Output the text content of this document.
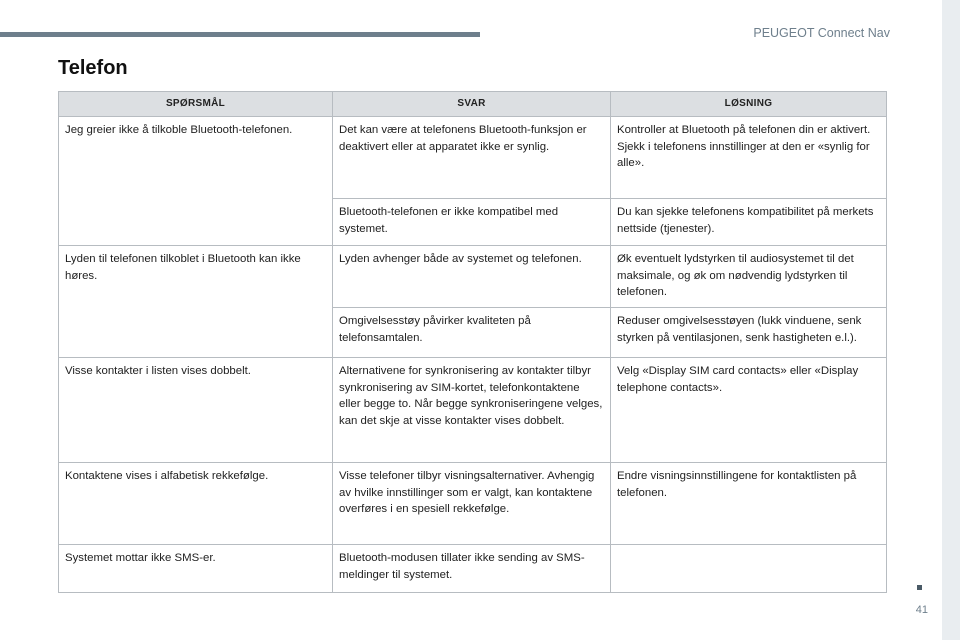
PEUGEOT Connect Nav
41
Telefon
SPØRSMÅL	SVAR	LØSNING
Jeg greier ikke å tilkoble Bluetooth-telefonen.	Det kan være at telefonens Bluetooth-funksjon er deaktivert eller at apparatet ikke er synlig.	Kontroller at Bluetooth på telefonen din er aktivert.
Sjekk i telefonens innstillinger at den er «synlig for alle».
	Bluetooth-telefonen er ikke kompatibel med systemet.	Du kan sjekke telefonens kompatibilitet på merkets nettside (tjenester).
Lyden til telefonen tilkoblet i Bluetooth kan ikke høres.	Lyden avhenger både av systemet og telefonen.	Øk eventuelt lydstyrken til audiosystemet til det maksimale, og øk om nødvendig lydstyrken til telefonen.
	Omgivelsesstøy påvirker kvaliteten på telefonsamtalen.	Reduser omgivelsesstøyen (lukk vinduene, senk styrken på ventilasjonen, senk hastigheten e.l.).
Visse kontakter i listen vises dobbelt.	Alternativene for synkronisering av kontakter tilbyr synkronisering av SIM-kortet, telefonkontaktene eller begge to. Når begge synkroniseringene velges, kan det skje at visse kontakter vises dobbelt.	Velg «Display SIM card contacts» eller «Display telephone contacts».
Kontaktene vises i alfabetisk rekkefølge.	Visse telefoner tilbyr visningsalternativer. Avhengig av hvilke innstillinger som er valgt, kan kontaktene overføres i en spesiell rekkefølge.	Endre visningsinnstillingene for kontaktlisten på telefonen.
Systemet mottar ikke SMS-er.	Bluetooth-modusen tillater ikke sending av SMS-meldinger til systemet.	
